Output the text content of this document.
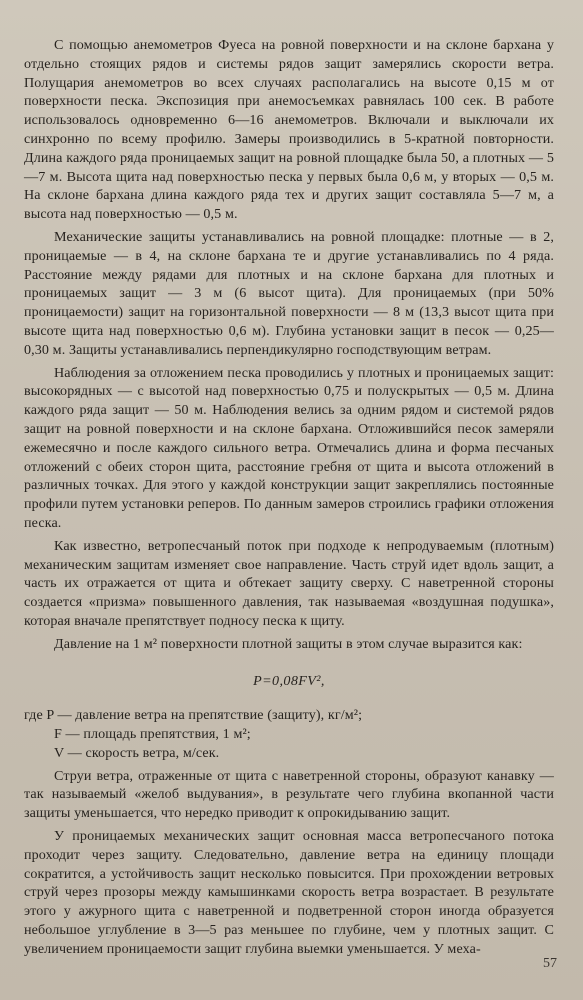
С помощью анемометров Фуеса на ровной поверхности и на склоне бархана у отдельно стоящих рядов и системы рядов защит замерялись скорости ветра. Полущария анемометров во всех случаях располагались на высоте 0,15 м от поверхности песка. Экспозиция при анемосъемках равнялась 100 сек. В работе использовалось одновременно 6—16 анемометров. Включали и выключали их синхронно по всему профилю. Замеры производились в 5-кратной повторности. Длина каждого ряда проницаемых защит на ровной площадке была 50, а плотных — 5—7 м. Высота щита над поверхностью песка у первых была 0,6 м, у вторых — 0,5 м. На склоне бархана длина каждого ряда тех и других защит составляла 5—7 м, а высота над поверхностью — 0,5 м.

Механические защиты устанавливались на ровной площадке: плотные — в 2, проницаемые — в 4, на склоне бархана те и другие устанавливались по 4 ряда. Расстояние между рядами для плотных и на склоне бархана для плотных и проницаемых защит — 3 м (6 высот щита). Для проницаемых (при 50% проницаемости) защит на горизонтальной поверхности — 8 м (13,3 высот щита при высоте щита над поверхностью 0,6 м). Глубина установки защит в песок — 0,25—0,30 м. Защиты устанавливались перпендикулярно господствующим ветрам.

Наблюдения за отложением песка проводились у плотных и проницаемых защит: высокорядных — с высотой над поверхностью 0,75 и полускрытых — 0,5 м. Длина каждого ряда защит — 50 м. Наблюдения велись за одним рядом и системой рядов защит на ровной поверхности и на склоне бархана. Отложившийся песок замеряли ежемесячно и после каждого сильного ветра. Отмечались длина и форма песчаных отложений с обеих сторон щита, расстояние гребня от щита и высота отложений в различных точках. Для этого у каждой конструкции защит закреплялись постоянные профили путем установки реперов. По данным замеров строились графики отложения песка.

Как известно, ветропесчаный поток при подходе к непродуваемым (плотным) механическим защитам изменяет свое направление. Часть струй идет вдоль защит, а часть их отражается от щита и обтекает защиту сверху. С наветренной стороны создается «призма» повышенного давления, так называемая «воздушная подушка», которая вначале препятствует подносу песка к щиту.

Давление на 1 м² поверхности плотной защиты в этом случае выразится как:

P=0,08FV²,

где P — давление ветра на препятствие (защиту), кг/м²;

F — площадь препятствия, 1 м²;

V — скорость ветра, м/сек.

Струи ветра, отраженные от щита с наветренной стороны, образуют канавку — так называемый «желоб выдувания», в результате чего глубина вкопанной части защиты уменьшается, что нередко приводит к опрокидыванию защит.

У проницаемых механических защит основная масса ветропесчаного потока проходит через защиту. Следовательно, давление ветра на единицу площади сократится, а устойчивость защит несколько повысится. При прохождении ветровых струй через прозоры между камышинками скорость ветра возрастает. В результате этого у ажурного щита с наветренной и подветренной сторон иногда образуется небольшое углубление в 3—5 раз меньшее по глубине, чем у плотных защит. С увеличением проницаемости защит глубина выемки уменьшается. У меха-

57
